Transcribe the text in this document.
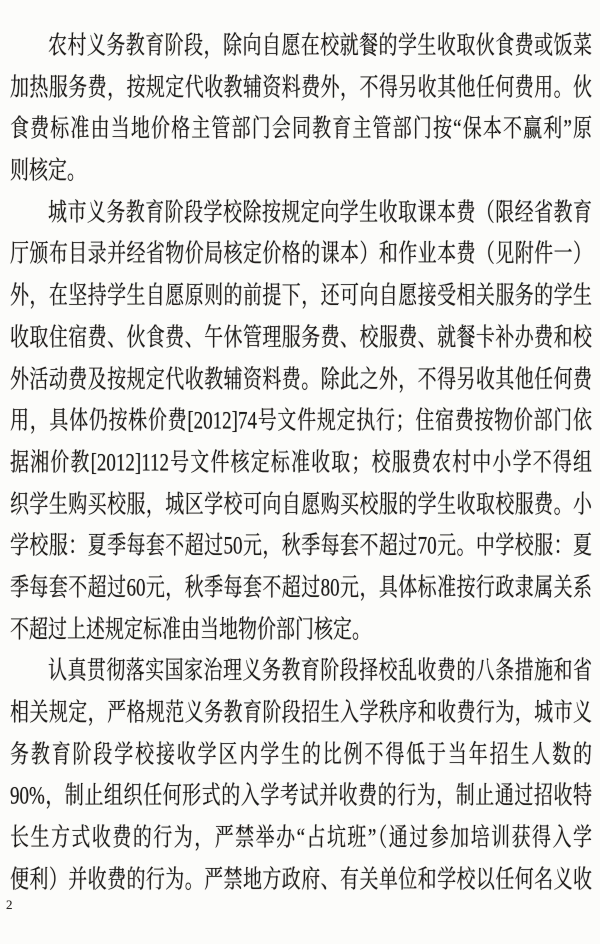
农村义务教育阶段，除向自愿在校就餐的学生收取伙食费或饭菜
加热服务费，按规定代收教辅资料费外，不得另收其他任何费用。伙
食费标准由当地价格主管部门会同教育主管部门按“保本不赢利”原
则核定。
城市义务教育阶段学校除按规定向学生收取课本费（限经省教育
厅颁布目录并经省物价局核定价格的课本）和作业本费（见附件一）
外，在坚持学生自愿原则的前提下，还可向自愿接受相关服务的学生
收取住宿费、伙食费、午休管理服务费、校服费、就餐卡补办费和校
外活动费及按规定代收教辅资料费。除此之外，不得另收其他任何费
用，具体仍按株价费[2012]74号文件规定执行；住宿费按物价部门依
据湘价教[2012]112号文件核定标准收取；校服费农村中小学不得组
织学生购买校服，城区学校可向自愿购买校服的学生收取校服费。小
学校服：夏季每套不超过50元，秋季每套不超过70元。中学校服：夏
季每套不超过60元，秋季每套不超过80元，具体标准按行政隶属关系
不超过上述规定标准由当地物价部门核定。
认真贯彻落实国家治理义务教育阶段择校乱收费的八条措施和省
相关规定，严格规范义务教育阶段招生入学秩序和收费行为，城市义
务教育阶段学校接收学区内学生的比例不得低于当年招生人数的
90%，制止组织任何形式的入学考试并收费的行为，制止通过招收特
长生方式收费的行为，严禁举办“占坑班”（通过参加培训获得入学
便利）并收费的行为。严禁地方政府、有关单位和学校以任何名义收
2
